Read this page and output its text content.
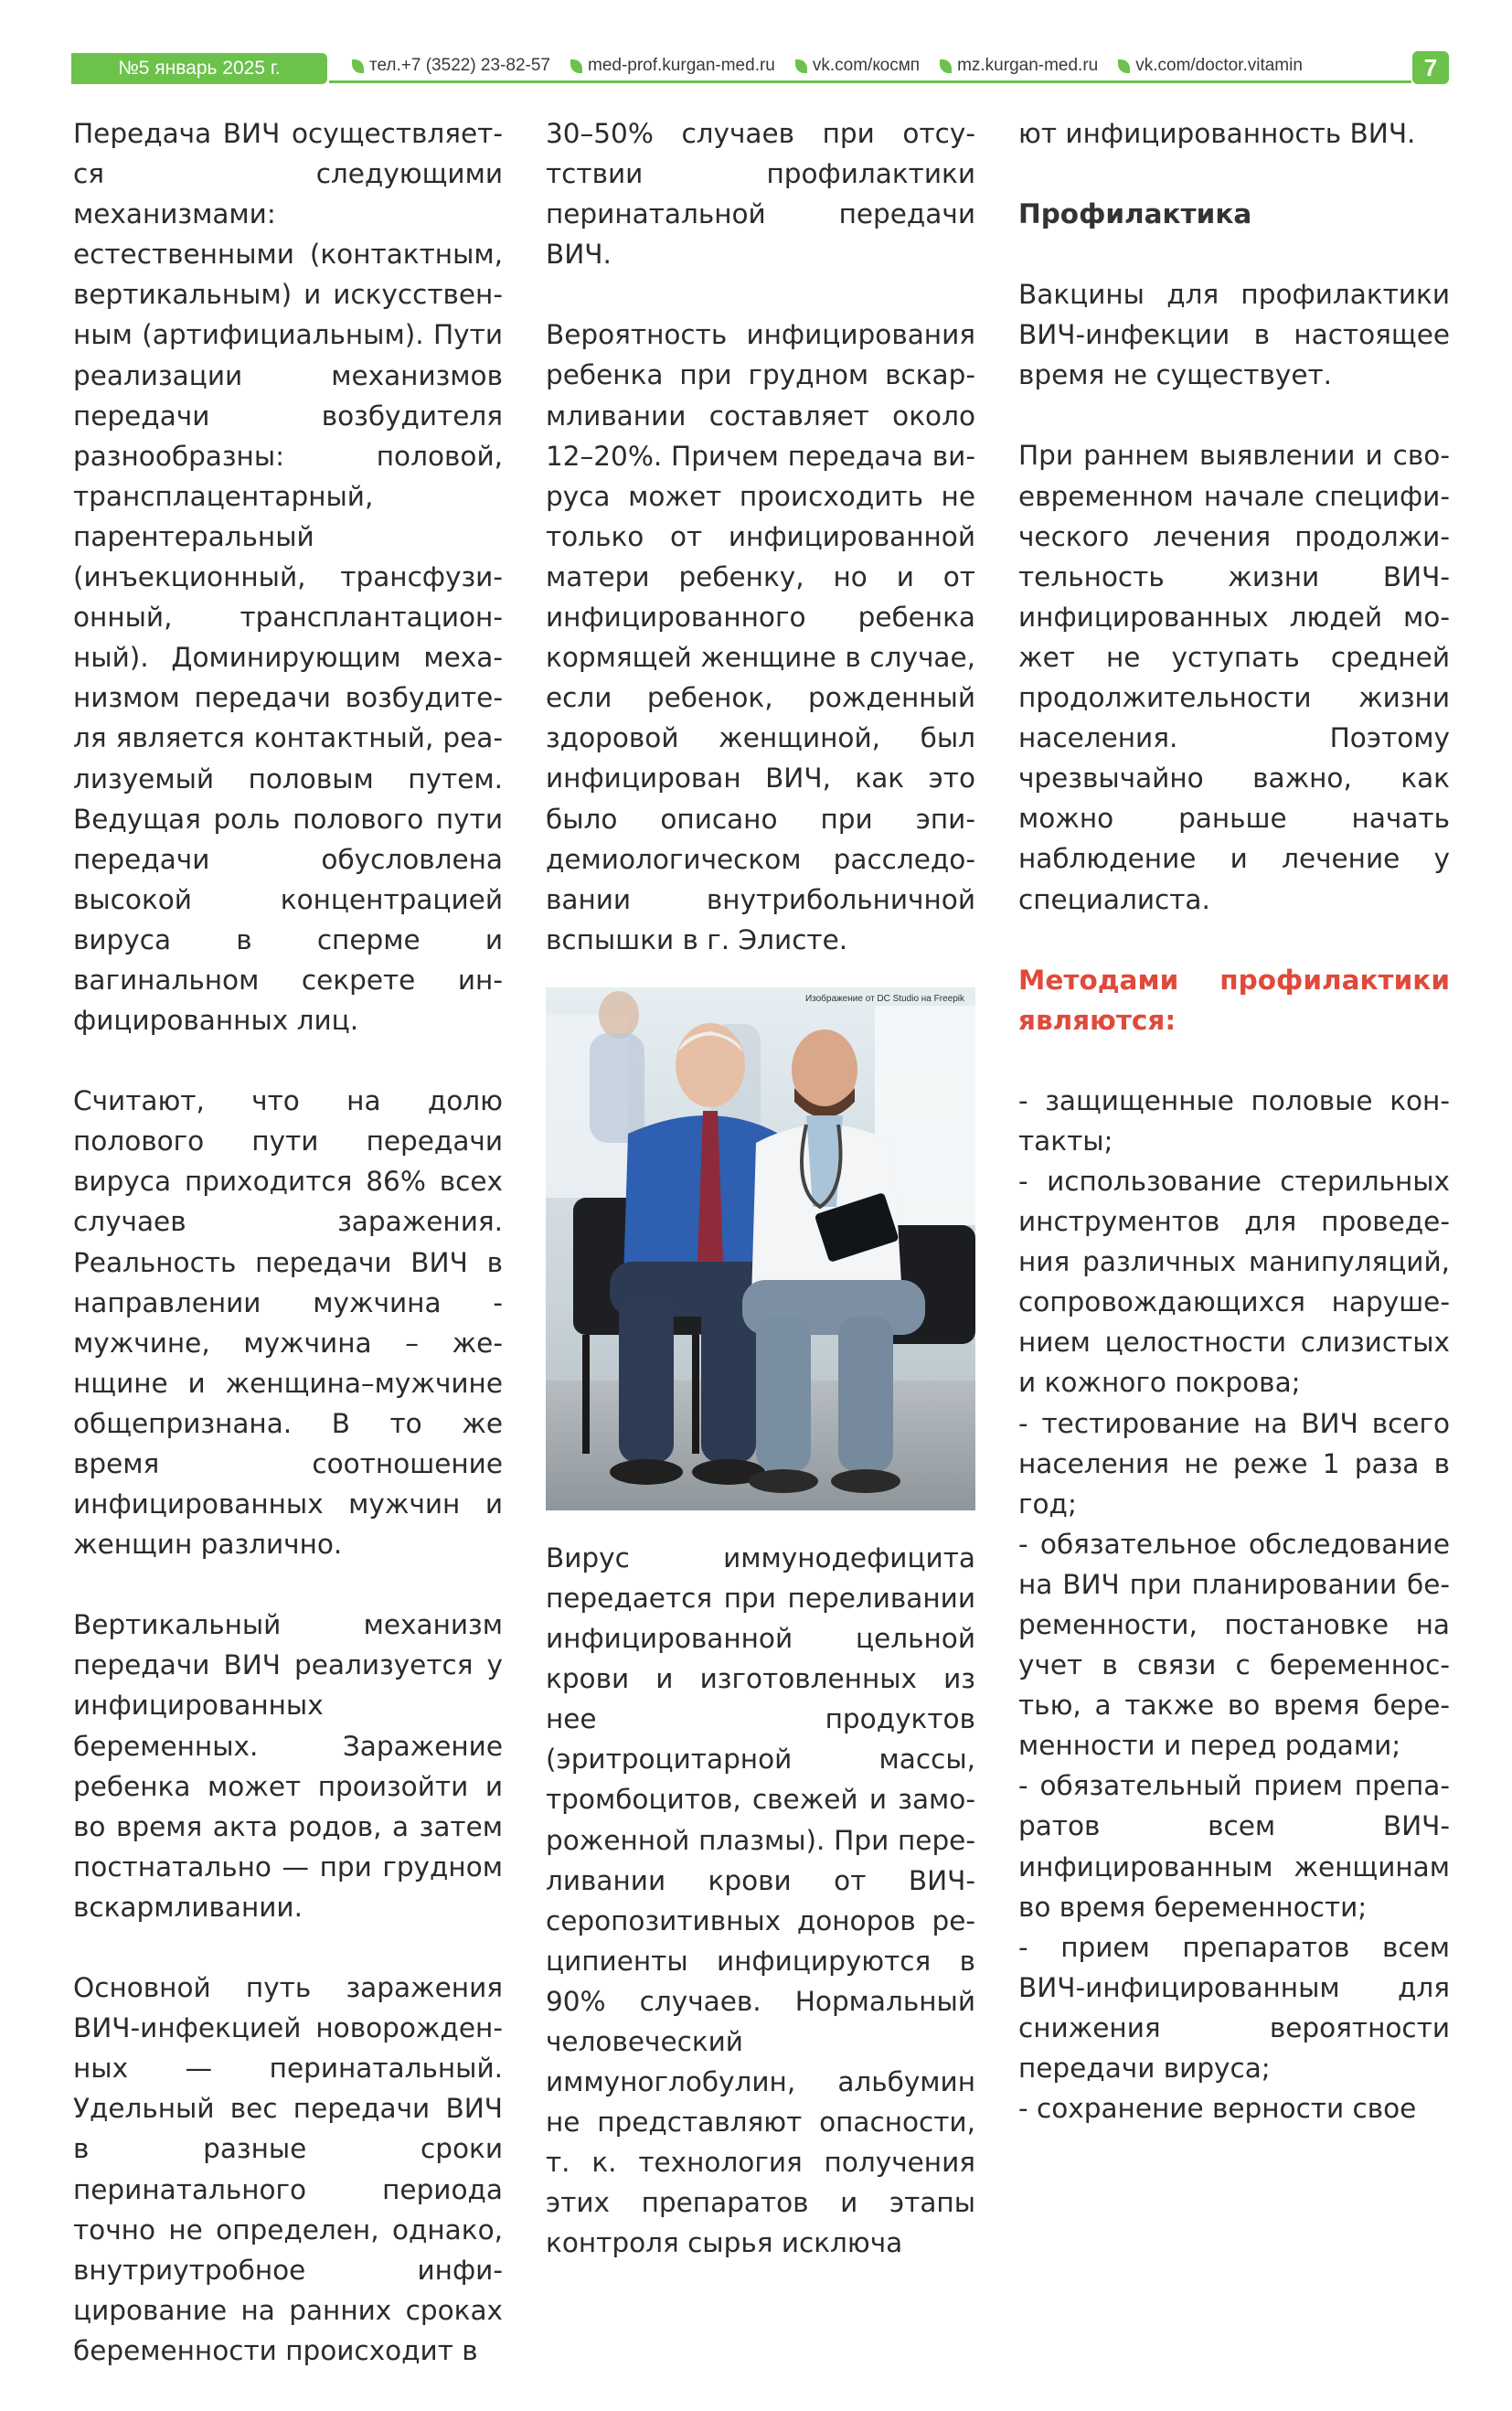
№5 январь 2025 г.	тел.+7 (3522) 23-82-57 med-prof.kurgan-med.ru vk.com/кocмп mz.kurgan-med.ru vk.com/doctor.vitamin	7

Передача ВИЧ осуществляется следующими механизмами: естественными (контактным, вертикальным) и искусственным (артифициальным). Пути реализации механизмов передачи возбудителя разнообразны: половой, трансплацентарный, парентеральный (инъекционный, трансфузионный, трансплантационный). Доминирующим механизмом передачи возбудителя является контактный, реализуемый половым путем. Ведущая роль полового пути передачи обусловлена высокой концентрацией вируса в сперме и вагинальном секрете инфицированных лиц.

Считают, что на долю полового пути передачи вируса приходится 86% всех случаев заражения. Реальность передачи ВИЧ в направлении мужчина - мужчине, мужчина – женщине и женщина–мужчине общепризнана. В то же время соотношение инфицированных мужчин и женщин различно.

Вертикальный механизм передачи ВИЧ реализуется у инфицированных беременных. Заражение ребенка может произойти и во время акта родов, а затем постнатально — при грудном вскармливании.

Основной путь заражения ВИЧ-инфекцией новорожденных — перинатальный. Удельный вес передачи ВИЧ в разные сроки перинатального периода точно не определен, однако, внутриутробное инфицирование на ранних сроках беременности происходит в

30–50% случаев при отсутствии профилактики перинатальной передачи ВИЧ.

Вероятность инфицирования ребенка при грудном вскармливании составляет около 12–20%. Причем передача вируса может происходить не только от инфицированной матери ребенку, но и от инфицированного ребенка кормящей женщине в случае, если ребенок, рожденный здоровой женщиной, был инфицирован ВИЧ, как это было описано при эпидемиологическом расследовании внутрибольничной вспышки в г. Элисте.

Изображение от DC Studio на Freepik

Вирус иммунодефицита передается при переливании инфицированной цельной крови и изготовленных из нее продуктов (эритроцитарной массы, тромбоцитов, свежей и замороженной плазмы). При переливании крови от ВИЧ-серопозитивных доноров реципиенты инфицируются в 90% случаев. Нормальный человеческий иммуноглобулин, альбумин не представляют опасности, т. к. технология получения этих препаратов и этапы контроля сырья исключа

ют инфицированность ВИЧ.

Профилактика

Вакцины для профилактики ВИЧ-инфекции в настоящее время не существует.

При раннем выявлении и своевременном начале специфического лечения продолжительность жизни ВИЧ-инфицированных людей может не уступать средней продолжительности жизни населения. Поэтому чрезвычайно важно, как можно раньше начать наблюдение и лечение у специалиста.

Методами профилактики являются:

- защищенные половые контакты;
- использование стерильных инструментов для проведения различных манипуляций, сопровождающихся нарушением целостности слизистых и кожного покрова;
- тестирование на ВИЧ всего населения не реже 1 раза в год;
- обязательное обследование на ВИЧ при планировании беременности, постановке на учет в связи с беременностью, а также во время беременности и перед родами;
- обязательный прием препаратов всем ВИЧ-инфицированным женщинам во время беременности;
- прием препаратов всем ВИЧ-инфицированным для снижения вероятности передачи вируса;
- сохранение верности свое
